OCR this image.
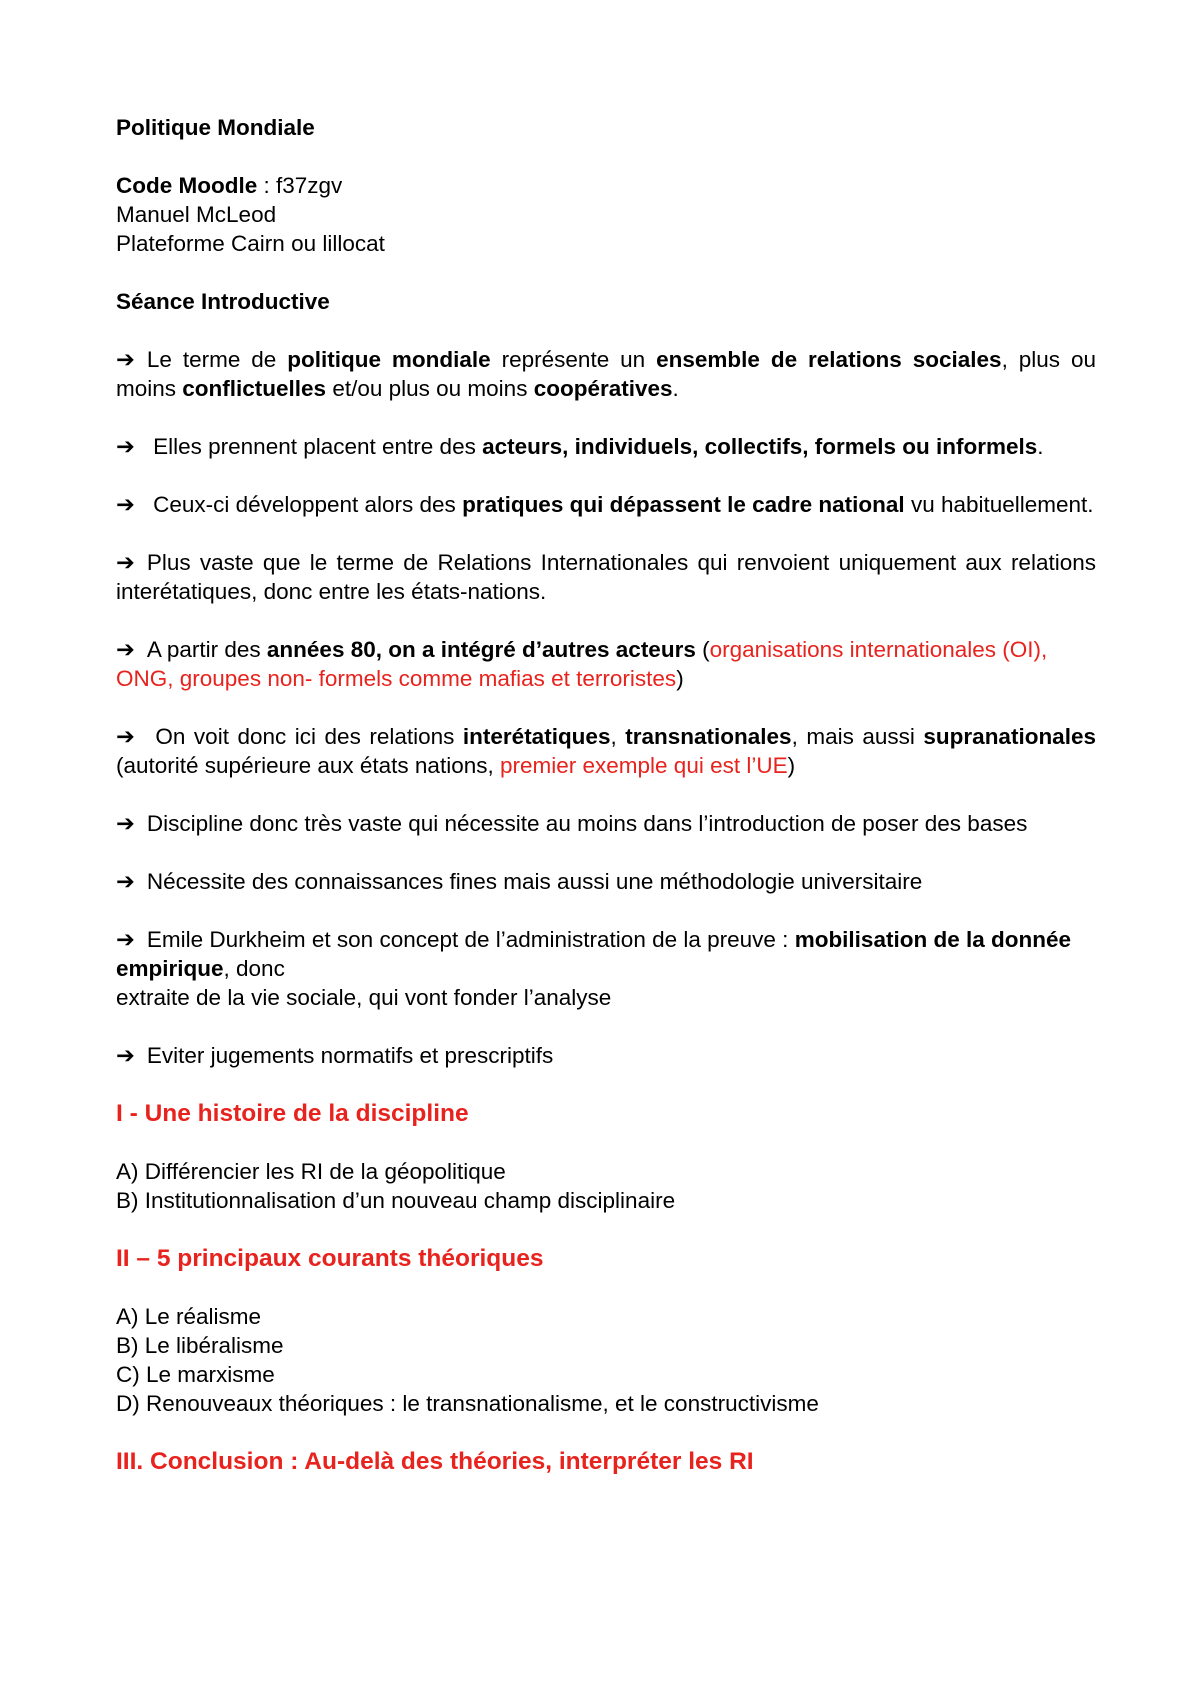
Politique Mondiale

Code Moodle : f37zgv

Manuel McLeod

Plateforme Cairn ou lillocat

Séance Introductive

➔ Le terme de politique mondiale représente un ensemble de relations sociales, plus ou moins conflictuelles et/ou plus ou moins coopératives.

➔ Elles prennent placent entre des acteurs, individuels, collectifs, formels ou informels.

➔ Ceux-ci développent alors des pratiques qui dépassent le cadre national vu habituellement.

➔ Plus vaste que le terme de Relations Internationales qui renvoient uniquement aux relations interétatiques, donc entre les états-nations.

➔ A partir des années 80, on a intégré d’autres acteurs (organisations internationales (OI), ONG, groupes non- formels comme mafias et terroristes)

➔ On voit donc ici des relations interétatiques, transnationales, mais aussi supranationales (autorité supérieure aux états nations, premier exemple qui est l’UE)

➔ Discipline donc très vaste qui nécessite au moins dans l’introduction de poser des bases

➔ Nécessite des connaissances fines mais aussi une méthodologie universitaire

➔ Emile Durkheim et son concept de l’administration de la preuve : mobilisation de la donnée empirique, donc
extraite de la vie sociale, qui vont fonder l’analyse

➔ Eviter jugements normatifs et prescriptifs

I - Une histoire de la discipline

A) Différencier les RI de la géopolitique
B) Institutionnalisation d’un nouveau champ disciplinaire

II – 5 principaux courants théoriques

A) Le réalisme
B) Le libéralisme
C) Le marxisme
D) Renouveaux théoriques : le transnationalisme, et le constructivisme

III. Conclusion : Au-delà des théories, interpréter les RI
